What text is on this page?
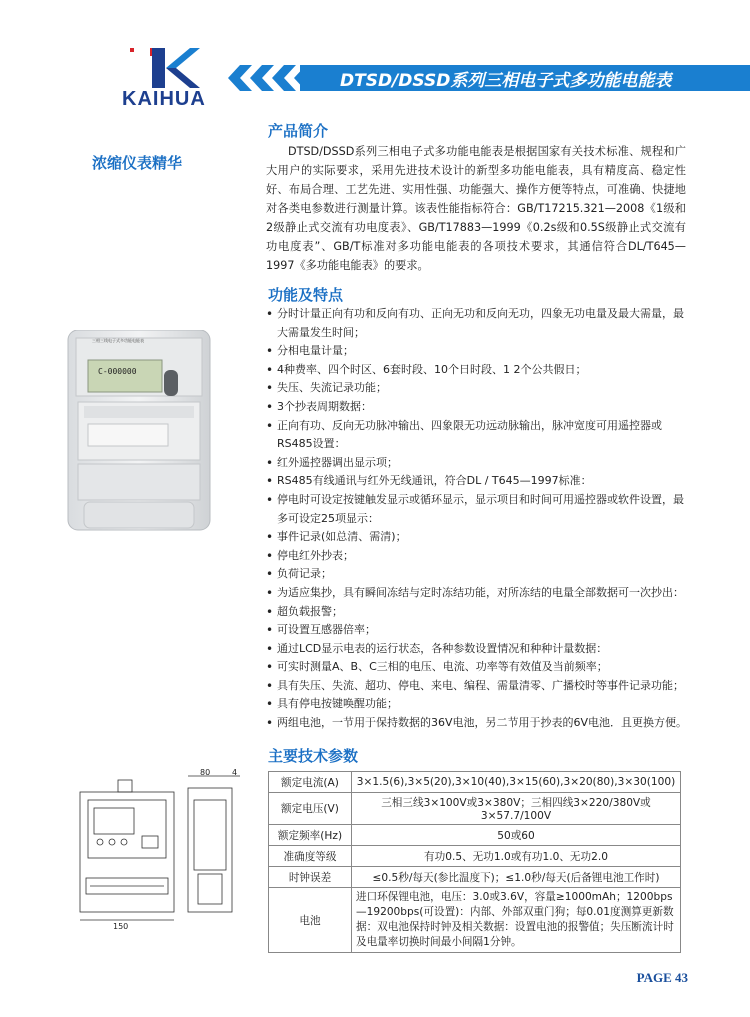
KAIHUA
DTSD/DSSD系列三相电子式多功能电能表
浓缩仪表精华
产品简介

DTSD/DSSD系列三相电子式多功能电能表是根据国家有关技术标准、规程和广大用户的实际要求，采用先进技术设计的新型多功能电能表，具有精度高、稳定性好、布局合理、工艺先进、实用性强、功能强大、操作方便等特点，可准确、快捷地对各类电参数进行测量计算。该表性能指标符合：GB/T17215.321—2008《1级和2级静止式交流有功电度表》、GB/T17883—1999《0.2s级和0.5S级静止式交流有功电度表”、GB/T标准对多功能电能表的各项技术要求，其通信符合DL/T645—1997《多功能电能表》的要求。

功能及特点
• 分时计量正向有功和反向有功、正向无功和反向无功，四象无功电量及最大需量，最大需量发生时间；
• 分相电量计量；
• 4种费率、四个时区、6套时段、10个日时段、1 2个公共假日；
• 失压、失流记录功能；
• 3个抄表周期数据：
• 正向有功、反向无功脉冲输出、四象限无功远动脉输出，脉冲宽度可用遥控器或RS485设置：
• 红外遥控器调出显示项；
• RS485有线通讯与红外无线通讯，符合DL / T645—1997标准：
• 停电时可设定按键触发显示或循环显示，显示项目和时间可用遥控器或软件设置，最多可设定25项显示：
• 事件记录(如总清、需清)；
• 停电红外抄表；
• 负荷记录；
• 为适应集抄，具有瞬间冻结与定时冻结功能，对所冻结的电量全部数据可一次抄出：
• 超负载报警；
• 可设置互感器倍率；
• 通过LCD显示电表的运行状态，各种参数设置情况和种种计量数据：
• 可实时测量A、B、C三相的电压、电流、功率等有效值及当前频率；
• 具有失压、失流、超功、停电、来电、编程、需量清零、广播校时等事件记录功能；
• 具有停电按键唤醒功能；
• 两组电池，一节用于保持数据的36V电池，另二节用于抄表的6V电池．且更换方便。
三相三线电子式多功能电能表
C-000000
80	4
150
主要技术参数
额定电流(A)	3×1.5(6),3×5(20),3×10(40),3×15(60),3×20(80),3×30(100)
额定电压(V)	三相三线3×100V或3×380V；三相四线3×220/380V或3×57.7/100V
额定频率(Hz)	50或60
准确度等级	有功0.5、无功1.0或有功1.0、无功2.0
时钟误差	≤0.5秒/每天(参比温度下)；≤1.0秒/每天(后备锂电池工作时)
电池	进口环保锂电池，电压：3.0或3.6V，容量≥1000mAh；1200bps—19200bps(可设置)：内部、外部双重门狗；每0.01度测算更新数据：双电池保持时钟及相关数据：设置电池的报警值；失压断流计时及电量率切换时间最小间隔1分钟。
PAGE 43
